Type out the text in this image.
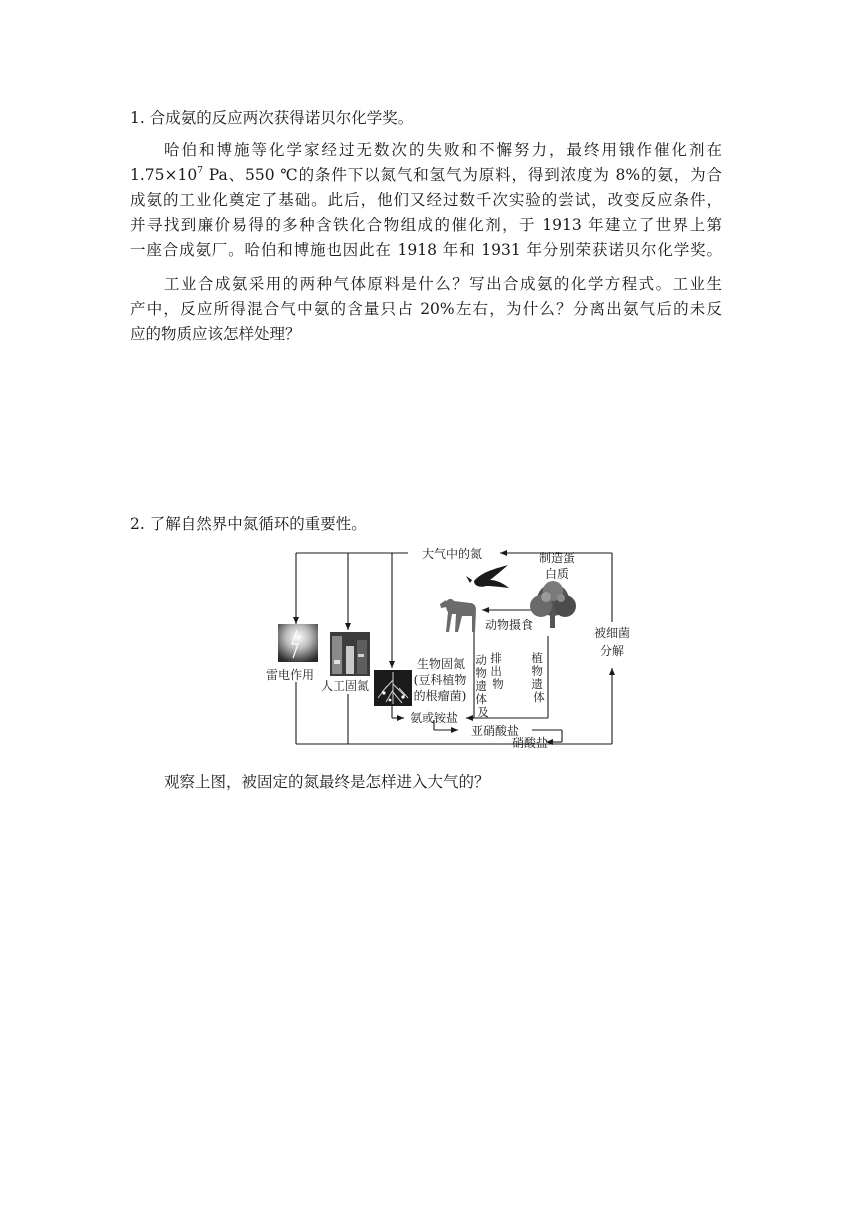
1. 合成氨的反应两次获得诺贝尔化学奖。
哈伯和博施等化学家经过无数次的失败和不懈努力，最终用锇作催化剂在
$1.75\times 10^7$ Pa、550 ℃的条件下以氮气和氢气为原料，得到浓度为 8%的氨，为合
成氨的工业化奠定了基础。此后，他们又经过数千次实验的尝试，改变反应条件，
并寻找到廉价易得的多种含铁化合物组成的催化剂，于 1913 年建立了世界上第
一座合成氨厂。哈伯和博施也因此在 1918 年和 1931 年分别荣获诺贝尔化学奖。
工业合成氨采用的两种气体原料是什么？写出合成氨的化学方程式。工业生
产中，反应所得混合气中氨的含量只占 20%左右，为什么？分离出氨气后的未反
应的物质应该怎样处理？
2. 了解自然界中氮循环的重要性。
大气中的氮	制造蛋
白质
动物摄食
被细菌
分解
雷电作用
人工固氮
生物固氮
(豆科植物
的根瘤菌)
动 物 遗 体 及
排 出 物
植 物 遗 体
氨或铵盐
亚硝酸盐
硝酸盐
观察上图，被固定的氮最终是怎样进入大气的？
